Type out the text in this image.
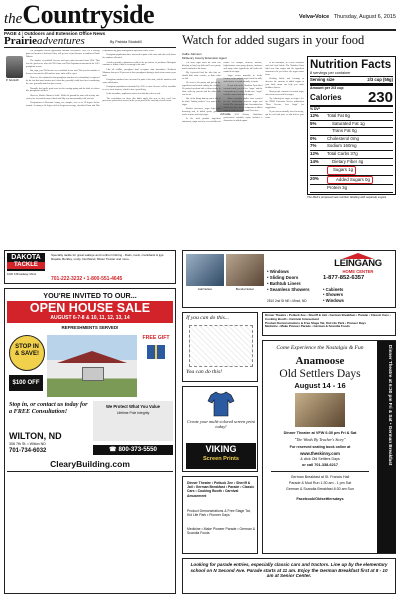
theCountryside	Velva•Voice Thursday, August 6, 2015
PAGE 4 | Outdoors and Extension Office News
Prairieadventures	By Patricia Stockdill
P. Stockdill

The pronghorn license application deadline has passed. Now, it's a waiting game for hunters to find out if they will get one of just licenses in southwest North Dakota.

The number of available licenses and open units increased from 2014. That was the good news when the ND Game and Fish Department announced the 2015 pronghorn season.

But, nope, just 230 licenses were available in one unit. This year the number of licenses increased to 400 and two more units will be open.

However, the satisfaction that pronghorn numbers are rebounding is tempered by the fact that state hunters aren't what they possibly could have been considering the once generally stated in open season.

Normally that spells good news for the coming spring and the birth of critters like pronghorns and deer.

However, Mother Nature is fickle. While the ground the state with a fairly nice winter, her successful temper flared and May was unseasonably cold, and wet.

Temperatures in Bowman County, for example, were so to 10 degrees below normal. As many as 16 degrees below long-term average, described Game and Fish Department big game management supervisor Bruce Kreft.

Pronghorn populations have increased in parts of the state and offer well above the numbers allocated.

Another possible explanation could be the prevalence of predators. Biologists continue to debate if this is occurring in the state.

Like all wildlife, pronghorn don't recognize state boundaries. Northeast Montana lost up to 90 percent of their pronghorns during a harsh winter some years back.

Pronghorn numbers have increased in parts of the state, and the numbers with some added units.

Pronghorn populations rebounded by 2015 so more licenses will be available to a few more hunters, which is also a good thing.

In the meantime, applicants wait to hear that they drew a unit.

The consolation for those that didn't apply this year is they won't lose preference points they accrued in the years prior to the currently closed season.

Watch for added sugars in your food
Callie Johnson
McHenry County Extension Agent
Johnson

The other night when the wind was blowing so hard, my kids and I were pretty much confined to the house.

My 4-year-old had the idea that we should bake some cookies, so that's what we did.

We went to the pantry and got out the ingredients and started making the cookies. We packed up about half of them to take to share with my parents and the other half was for us.

One of the things that my son is able to do while "baking cookies" is to pour in the sugar.

Besides sweetness, sugar helps with browning and, in baked goods, gives a tender texture and crisp edges.

In the food product ingredient statements, sugar can have several different names. For example, dextrose, fructose, high-fructose corn syrup, glucose, molasses and many other ingredients fall under the umbrella of sugar.

Sugar occurs naturally in foods. Lactose is the natural sugar found in milk, and fructose is found naturally in fruits.

If you look at the Nutrition Facts label on most foods, you will see "sugar" and the total grams per serving. In this case, "sugar" includes natural and added sugars.

Many scientific studies have focused on the relationship between sugar and health. The American Heart Association has advised no more than 6 teaspoons of added sugar per day for women and 9 for men.

The 2015 Dietary Guidelines professional scientific report includes a discussion of added sugars.

In the meantime, be a wise consumer and read food labels. The Nutrition Facts label now lists sugars and the ingredient statement tells you where the sugar comes from.

Reading labels and learning to decrease the amount of added sugars in your daily menu can help you make healthier choices.

Most people consume too much sugar, often from sweetened beverages.

Try reducing the sugar in recipes. See the NDSU Extension Service publication "More Sweeter, Less Sugar" for suggestions.

If you want a naturally sweet beverage, opt for real fruit juice or add fruit to your water.

Nutrition Facts
8 servings per container
Serving size	2/3 cup (55g)
Amount per 2/3 cup
Calories 230
% DV*
12%	Total Fat 8g
5%	Saturated Fat 1g
Trans Fat 0g
0%	Cholesterol 0mg
7%	Sodium 160mg
12%	Total Carbs 37g
14%	Dietary Fiber 4g
Sugars 1g
20%	Added Sugars 0g
Protein 3g
The FDA's proposed new nutrition labeling with separate sugars.
Gail Nelsen	Brenda Nelsen
• Windows
• Sliding Doors
• Bathtub Liners
• Seamless Showers	• Cabinets
• Showers
• Windows
LEINGANG
HOME CENTER
1-877-852-6357
2510 2nd St NE • Minot, ND
DAKOTA
TACKLE
1000 S Broadway, Minot
Specialty tackle for great walleye and northern fishing - Rods, reels, crankbaits & jigs. Rapala, Berkley, Lindy, Northland, Mister Twister and more.
701-222-3232 • 1-800-551-4645
YOU'RE INVITED TO OUR...
OPEN HOUSE SALE
AUGUST 6-7-8 & 10, 11, 12, 13, 14
REFRESHMENTS SERVED!
STOP IN
& SAVE!
$100 OFF
FREE GIFT
Stop in, or contact us today for a FREE Consultation!
WILTON, ND
306 7th St. • Wilton ND
701-734-6032
We Protect What You Value
Lifetime Pole Integrity
☎ 800-373-5550
ClearyBuilding.com
If you can do this...
You can do this!
Create your multi-colored screen print today!
VIKING
Screen Prints
Dinner Theatre • Potluck Zee • Sheriff & Jail • German Breakfast • Parade • Classic Cars • Cooking Booth • Carnival Amusement
Product Demonstrations & Free Stage Tat, Kid Life Park • Pioneer Days
Medicine • Make Pioneer Parade • German & Scandia Foods
Come Experience the Nostalgia & Fun
Anamoose
Old Settlers Days
August 14 - 16
Dinner Theatre at VFW 6:30 pm Fri & Sat
"The Winds By Teacher's Story"
For reserved seating book online at
www.theskinny.com
& click Old Settlers Days
or call 701-338-6217
German Breakfast at St. Francis Hall
Parade & Mud Run 1:30 am - 1 pm Sat
German & Scandia Breakfast 8:30 am Sun
Facebook/Oldsettlersdays
Dinner Theatre at 6:30 pm Fri & Sat • German Breakfast
Dinner Theatre • Potluck Zee • Sheriff & Jail • German Breakfast • Parade • Classic Cars • Cooking Booth • Carnival Amusement
Product Demonstrations & Free Stage Tat, Kid Life Park • Pioneer Days
Medicine • Make Pioneer Parade • German & Scandia Foods
Looking for parade entries, especially classic cars and tractors. Line up by the elementary school on N Second Ave. Parade starts at 11 am. Enjoy the German Breakfast first at 8 - 10 am at Senior Center.
